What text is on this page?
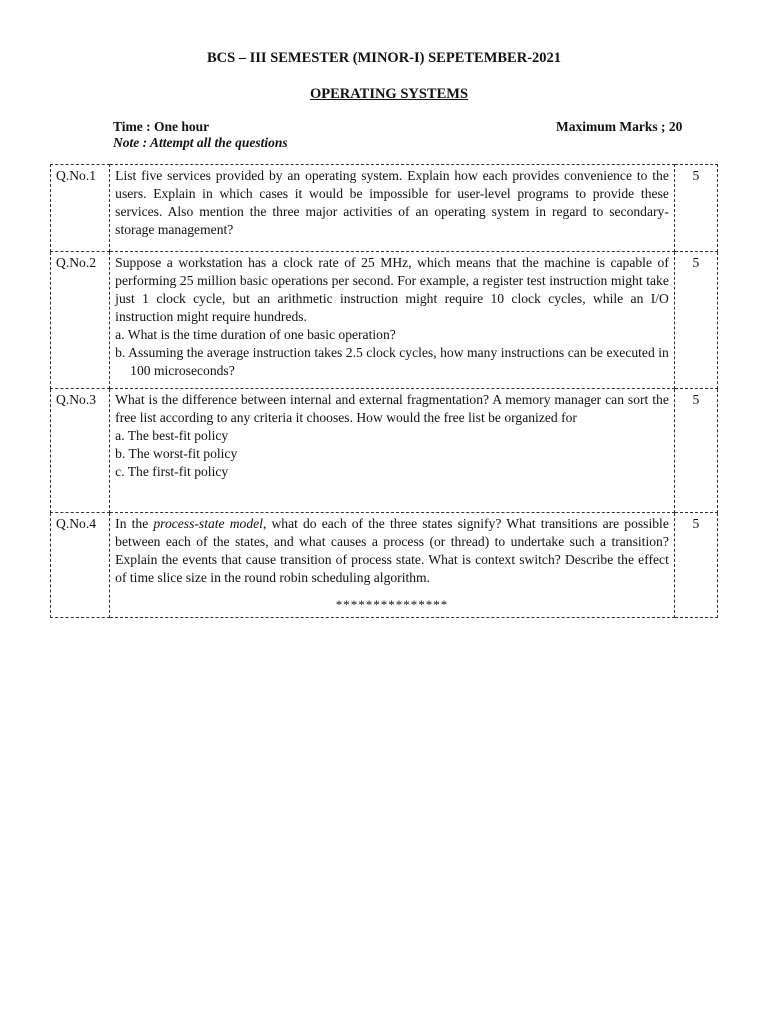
BCS – III SEMESTER (MINOR-I) SEPETEMBER-2021
OPERATING SYSTEMS
Time : One hour	Maximum Marks ; 20
Note : Attempt all the questions
Q.No.1	List five services provided by an operating system. Explain how each provides convenience to the users. Explain in which cases it would be impossible for user-level programs to provide these services. Also mention the three major activities of an operating system in regard to secondary-storage management?	5
Q.No.2	Suppose a workstation has a clock rate of 25 MHz, which means that the machine is capable of performing 25 million basic operations per second. For example, a register test instruction might take just 1 clock cycle, but an arithmetic instruction might require 10 clock cycles, while an I/O instruction might require hundreds.
a. What is the time duration of one basic operation?
b. Assuming the average instruction takes 2.5 clock cycles, how many instructions can be executed in 100 microseconds?	5
Q.No.3	What is the difference between internal and external fragmentation? A memory manager can sort the free list according to any criteria it chooses. How would the free list be organized for
a. The best-fit policy
b. The worst-fit policy
c. The first-fit policy	5
Q.No.4	In the process-state model, what do each of the three states signify? What transitions are possible between each of the states, and what causes a process (or thread) to undertake such a transition? Explain the events that cause transition of process state. What is context switch? Describe the effect of time slice size in the round robin scheduling algorithm.
***************	5
